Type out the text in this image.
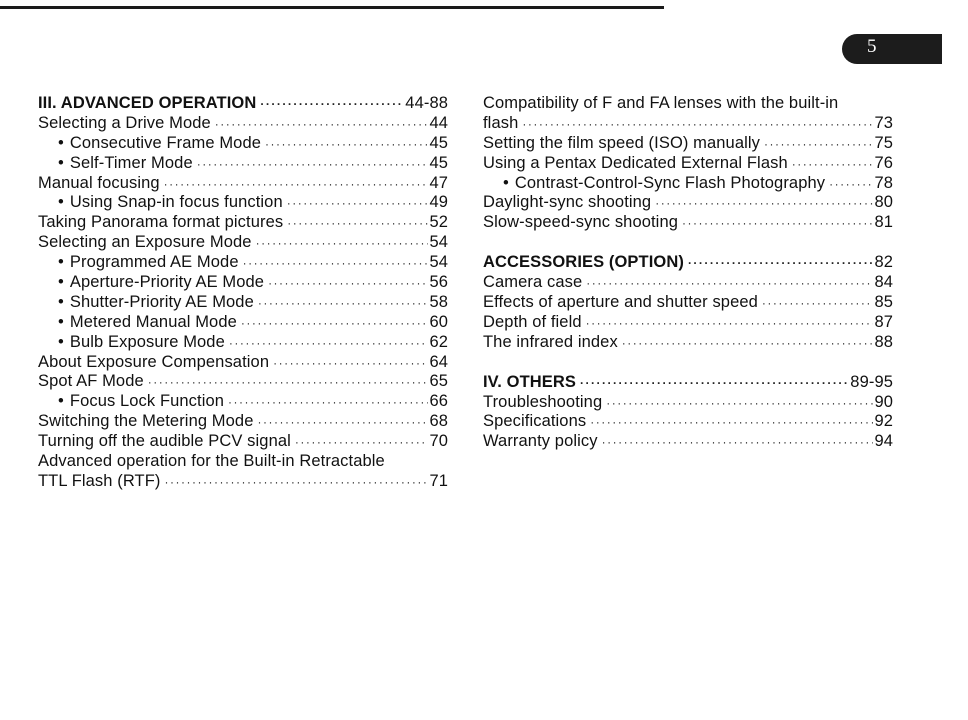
5
III. ADVANCED OPERATION ·····	44-88
Selecting a Drive Mode ·····	44
• Consecutive Frame Mode ·····	45
• Self-Timer Mode ·····	45
Manual focusing ·····	47
• Using Snap-in focus function ·····	49
Taking Panorama format pictures ·····	52
Selecting an Exposure Mode ·····	54
• Programmed AE Mode ·····	54
• Aperture-Priority AE Mode ·····	56
• Shutter-Priority AE Mode ·····	58
• Metered Manual Mode ·····	60
• Bulb Exposure Mode ·····	62
About Exposure Compensation ·····	64
Spot AF Mode ·····	65
• Focus Lock Function ·····	66
Switching the Metering Mode ·····	68
Turning off the audible PCV signal ·····	70
Advanced operation for the Built-in Retractable
TTL Flash (RTF) ·····	71
Compatibility of F and FA lenses with the built-in
flash ·····	73
Setting the film speed (ISO) manually ·····	75
Using a Pentax Dedicated External Flash ·····	76
• Contrast-Control-Sync Flash Photography ·····	78
Daylight-sync shooting ·····	80
Slow-speed-sync shooting ·····	81
ACCESSORIES (OPTION) ·····	82
Camera case ·····	84
Effects of aperture and shutter speed ·····	85
Depth of field ·····	87
The infrared index ·····	88
IV. OTHERS ·····	89-95
Troubleshooting ·····	90
Specifications ·····	92
Warranty policy ·····	94
